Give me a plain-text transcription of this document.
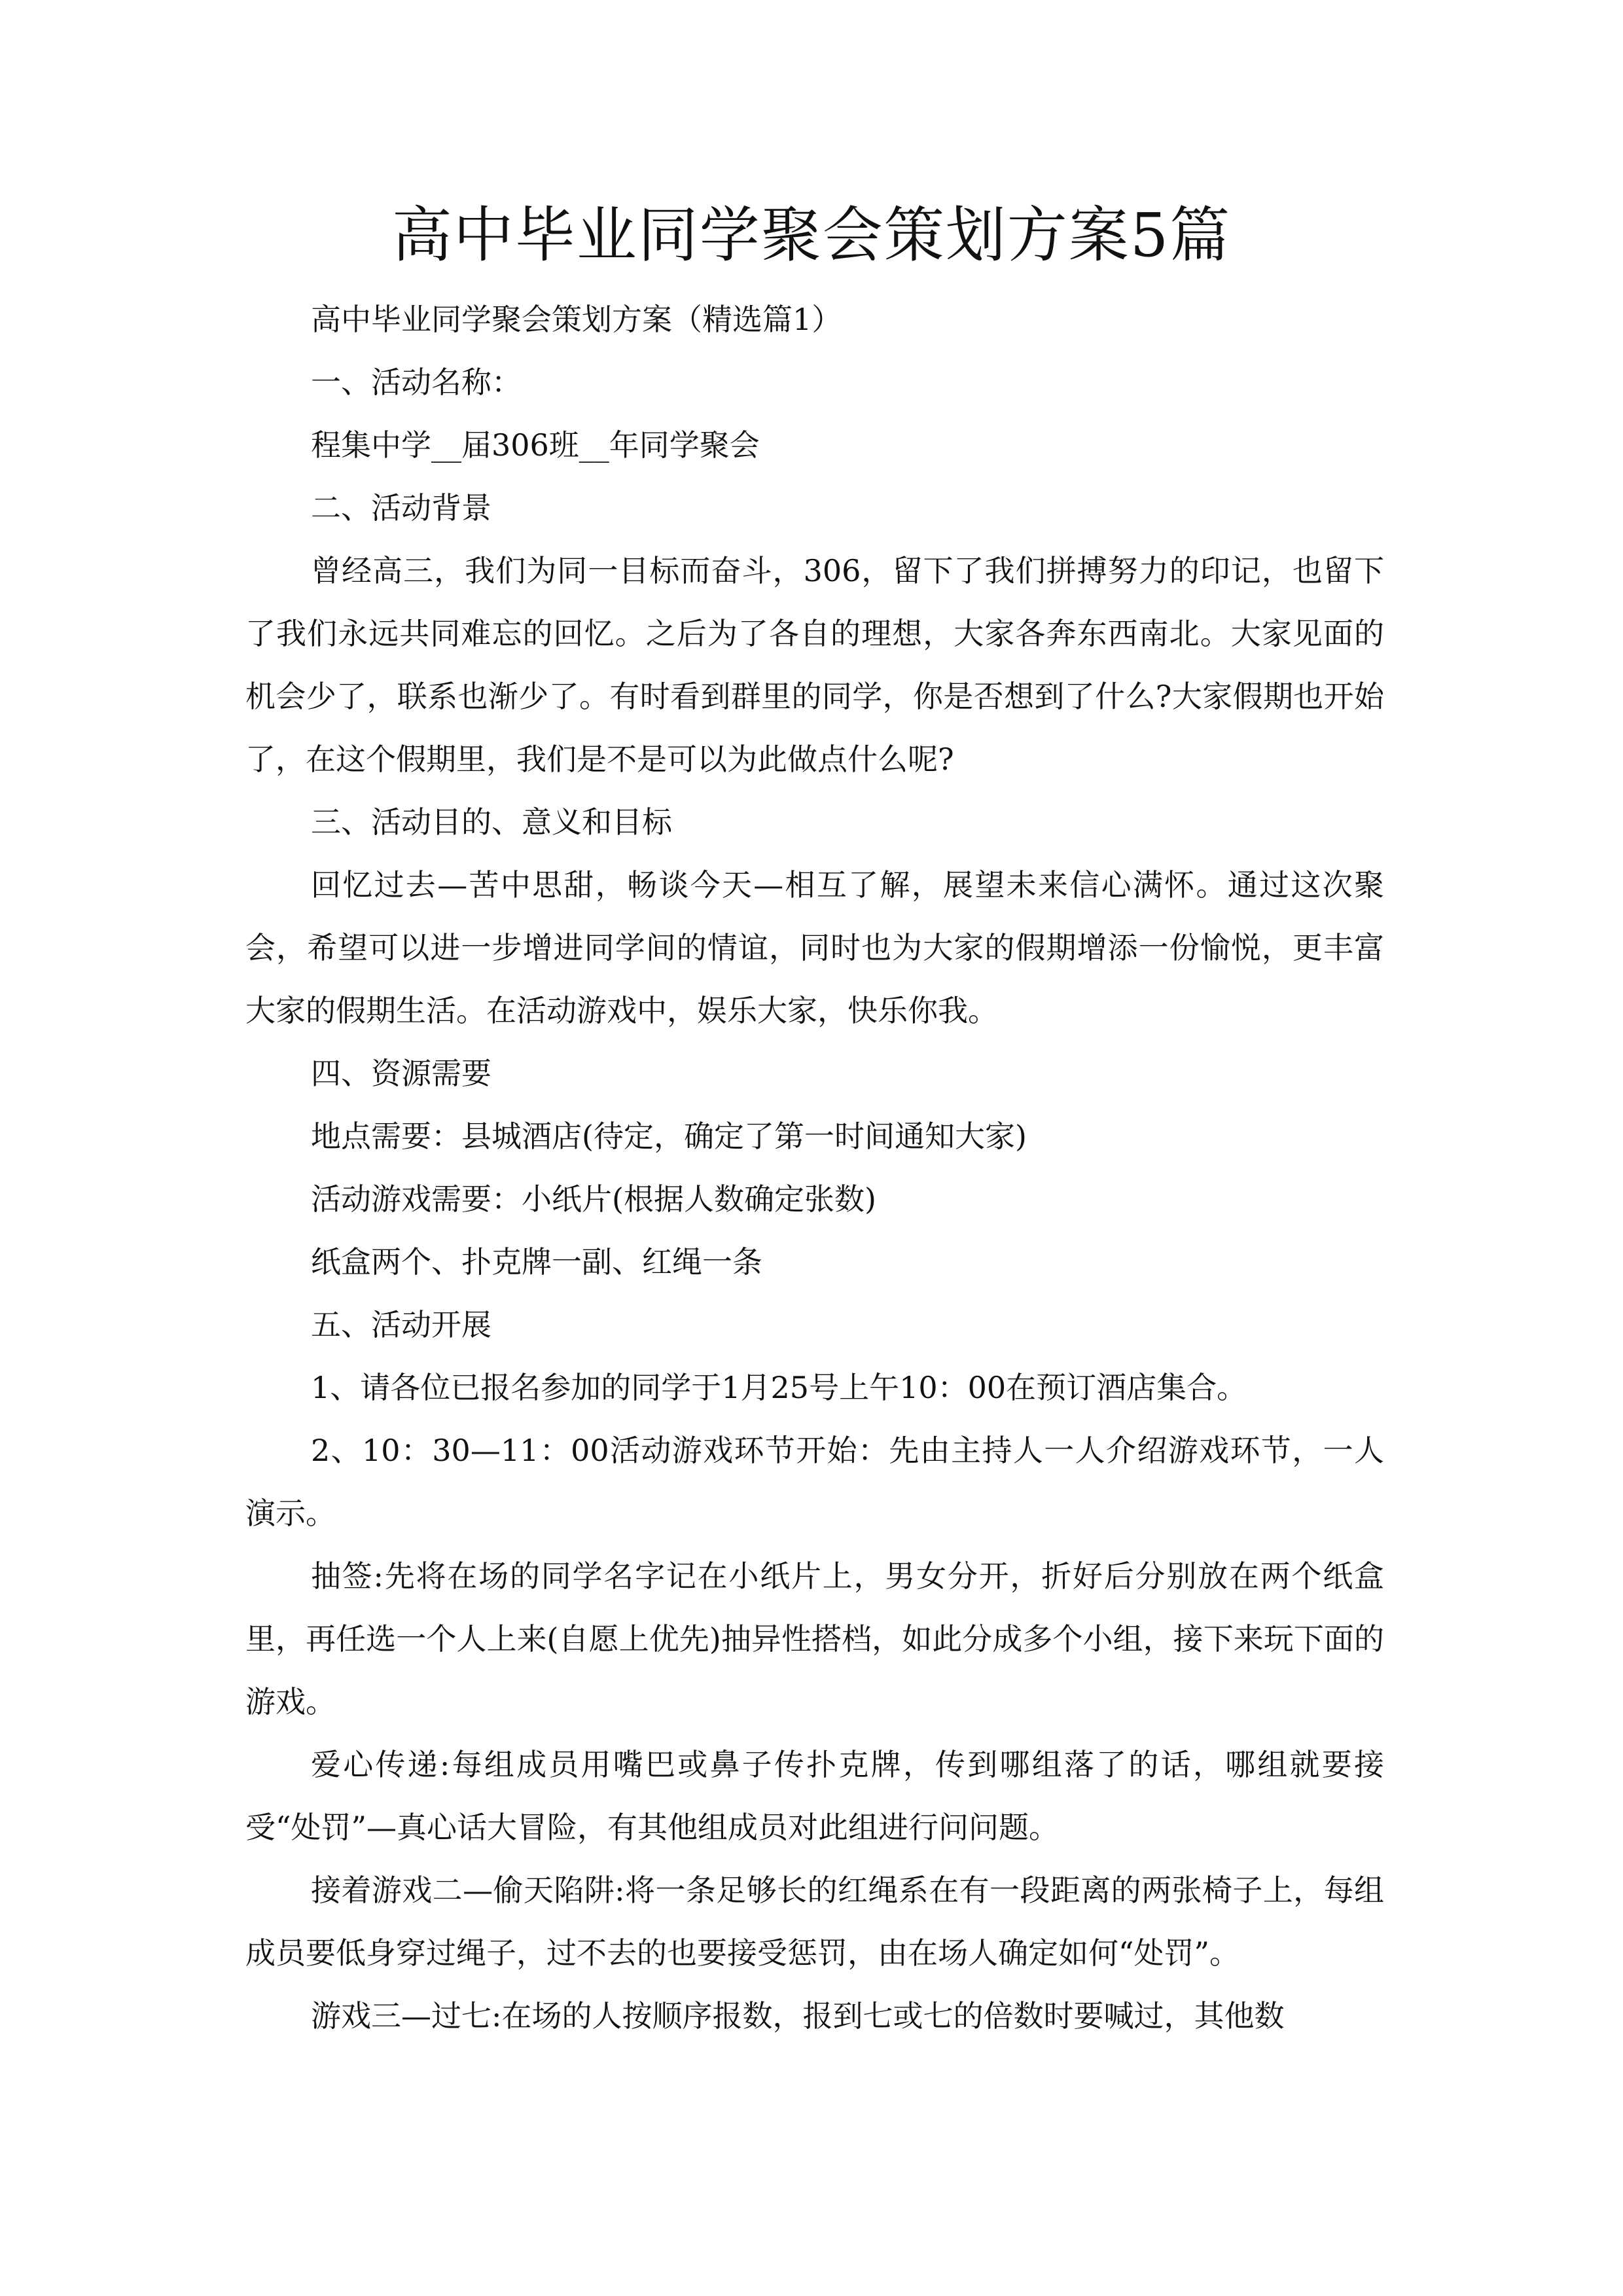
高中毕业同学聚会策划方案5篇

高中毕业同学聚会策划方案（精选篇1）

一、活动名称：

程集中学__届306班__年同学聚会

二、活动背景

曾经高三，我们为同一目标而奋斗，306，留下了我们拼搏努力的印记，也留下了我们永远共同难忘的回忆。之后为了各自的理想，大家各奔东西南北。大家见面的机会少了，联系也渐少了。有时看到群里的同学，你是否想到了什么?大家假期也开始了，在这个假期里，我们是不是可以为此做点什么呢?

三、活动目的、意义和目标

回忆过去—苦中思甜，畅谈今天—相互了解，展望未来信心满怀。通过这次聚会，希望可以进一步增进同学间的情谊，同时也为大家的假期增添一份愉悦，更丰富大家的假期生活。在活动游戏中，娱乐大家，快乐你我。

四、资源需要

地点需要：县城酒店(待定，确定了第一时间通知大家)

活动游戏需要：小纸片(根据人数确定张数)

纸盒两个、扑克牌一副、红绳一条

五、活动开展

1、请各位已报名参加的同学于1月25号上午10：00在预订酒店集合。

2、10：30—11：00活动游戏环节开始：先由主持人一人介绍游戏环节，一人演示。

抽签:先将在场的同学名字记在小纸片上，男女分开，折好后分别放在两个纸盒里，再任选一个人上来(自愿上优先)抽异性搭档，如此分成多个小组，接下来玩下面的游戏。

爱心传递:每组成员用嘴巴或鼻子传扑克牌，传到哪组落了的话，哪组就要接受“处罚”—真心话大冒险，有其他组成员对此组进行问问题。

接着游戏二—偷天陷阱:将一条足够长的红绳系在有一段距离的两张椅子上，每组成员要低身穿过绳子，过不去的也要接受惩罚，由在场人确定如何“处罚”。

游戏三—过七:在场的人按顺序报数，报到七或七的倍数时要喊过，其他数
